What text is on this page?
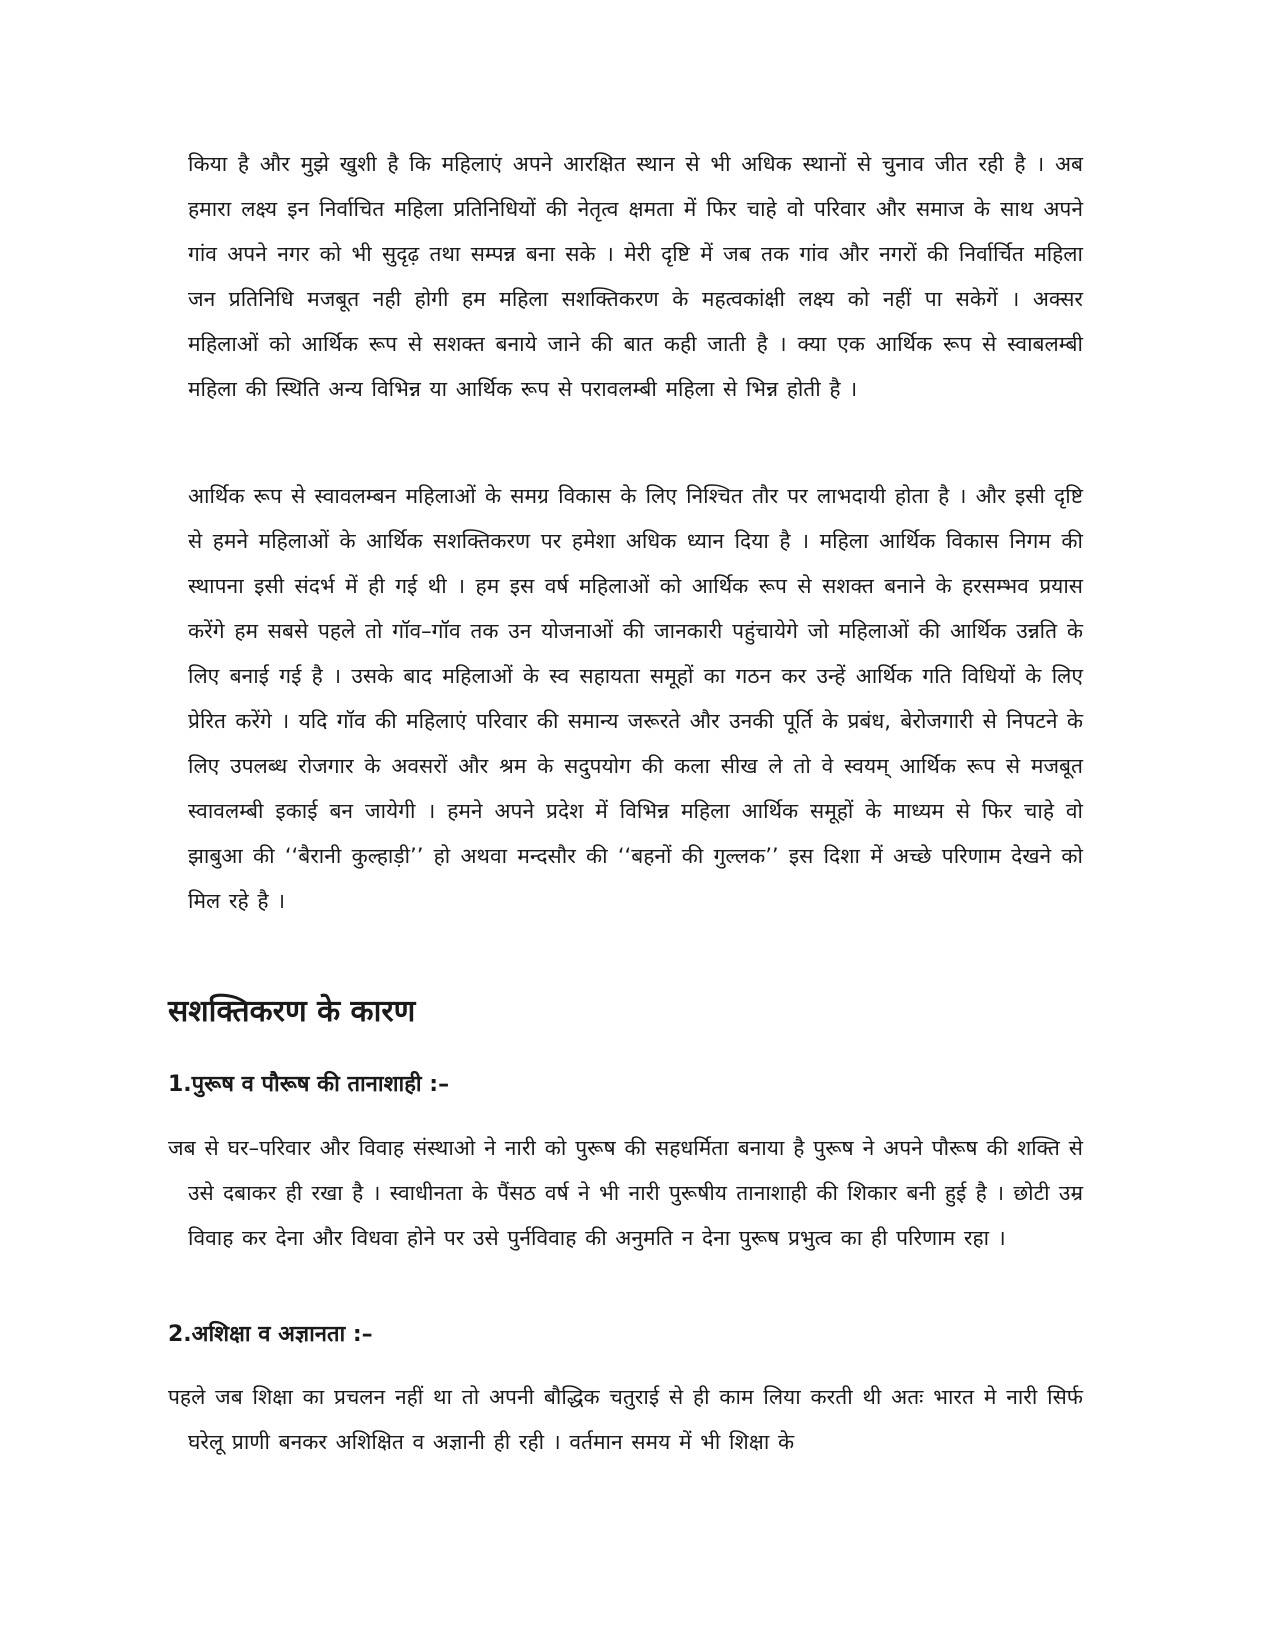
किया है और मुझे खुशी है कि महिलाएं अपने आरक्षित स्थान से भी अधिक स्थानों से चुनाव जीत रही है । अब हमारा लक्ष्य इन निर्वाचित महिला प्रतिनिधियों की नेतृत्व क्षमता में फिर चाहे वो परिवार और समाज के साथ अपने गांव अपने नगर को भी सुदृढ़ तथा सम्पन्न बना सके । मेरी दृष्टि में जब तक गांव और नगरों की निर्वार्चित महिला जन प्रतिनिधि मजबूत नही होगी हम महिला सशक्तिकरण के महत्वकांक्षी लक्ष्य को नहीं पा सकेगें । अक्सर महिलाओं को आर्थिक रूप से सशक्त बनाये जाने की बात कही जाती है । क्या एक आर्थिक रूप से स्वाबलम्बी महिला की स्थिति अन्य विभिन्न या आर्थिक रूप से परावलम्बी महिला से भिन्न होती है ।

आर्थिक रूप से स्वावलम्बन महिलाओं के समग्र विकास के लिए निश्चित तौर पर लाभदायी होता है । और इसी दृष्टि से हमने महिलाओं के आर्थिक सशक्तिकरण पर हमेशा अधिक ध्यान दिया है । महिला आर्थिक विकास निगम की स्थापना इसी संदर्भ में ही गई थी । हम इस वर्ष महिलाओं को आर्थिक रूप से सशक्त बनाने के हरसम्भव प्रयास करेंगे हम सबसे पहले तो गॉव–गॉव तक उन योजनाओं की जानकारी पहुंचायेगे जो महिलाओं की आर्थिक उन्नति के लिए बनाई गई है । उसके बाद महिलाओं के स्व सहायता समूहों का गठन कर उन्हें आर्थिक गति विधियों के लिए प्रेरित करेंगे । यदि गॉव की महिलाएं परिवार की समान्य जरूरते और उनकी पूर्ति के प्रबंध, बेरोजगारी से निपटने के लिए उपलब्ध रोजगार के अवसरों और श्रम के सदुपयोग की कला सीख ले तो वे स्वयम् आर्थिक रूप से मजबूत स्वावलम्बी इकाई बन जायेगी । हमने अपने प्रदेश में विभिन्न महिला आर्थिक समूहों के माध्यम से फिर चाहे वो झाबुआ की ‘‘बैरानी कुल्हाड़ी’’ हो अथवा मन्दसौर की ‘‘बहनों की गुल्लक’’ इस दिशा में अच्छे परिणाम देखने को मिल रहे है ।

सशक्तिकरण के कारण
1.पुरूष व पौरूष की तानाशाही :–

जब से घर–परिवार और विवाह संस्थाओ ने नारी को पुरूष की सहधर्मिता बनाया है पुरूष ने अपने पौरूष की शक्ति से उसे दबाकर ही रखा है । स्वाधीनता के पैंसठ वर्ष ने भी नारी पुरूषीय तानाशाही की शिकार बनी हुई है । छोटी उम्र विवाह कर देना और विधवा होने पर उसे पुर्नविवाह की अनुमति न देना पुरूष प्रभुत्व का ही परिणाम रहा ।

2.अशिक्षा व अज्ञानता :–

पहले जब शिक्षा का प्रचलन नहीं था तो अपनी बौद्धिक चतुराई से ही काम लिया करती थी अतः भारत मे नारी सिर्फ घरेलू प्राणी बनकर अशिक्षित व अज्ञानी ही रही । वर्तमान समय में भी शिक्षा के
